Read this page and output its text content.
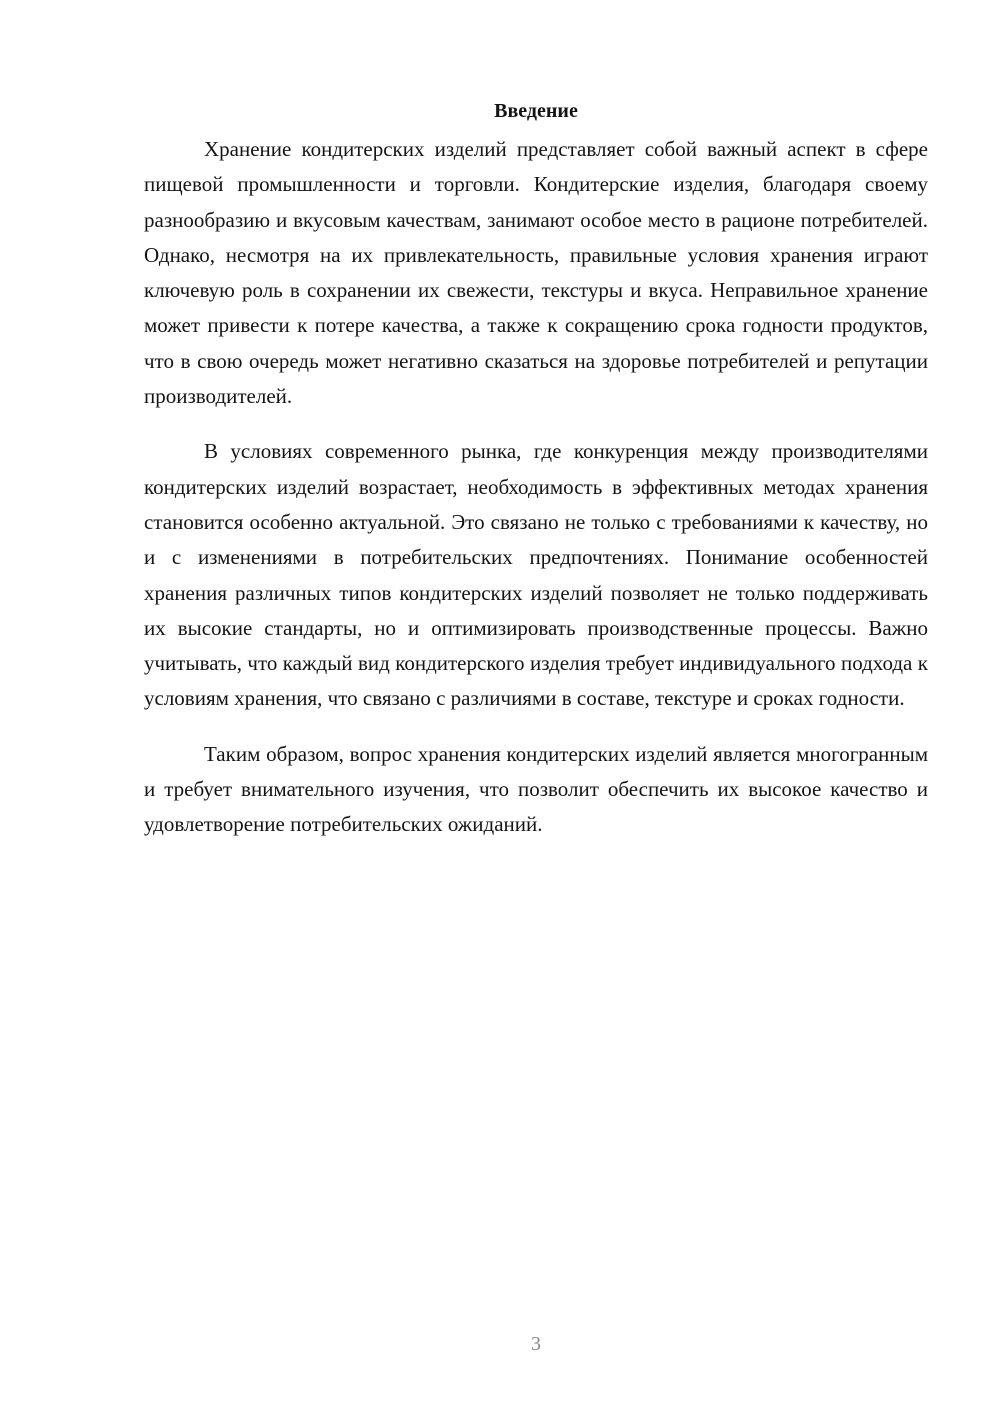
Введение

Хранение кондитерских изделий представляет собой важный аспект в сфере пищевой промышленности и торговли. Кондитерские изделия, благодаря своему разнообразию и вкусовым качествам, занимают особое место в рационе потребителей. Однако, несмотря на их привлекательность, правильные условия хранения играют ключевую роль в сохранении их свежести, текстуры и вкуса. Неправильное хранение может привести к потере качества, а также к сокращению срока годности продуктов, что в свою очередь может негативно сказаться на здоровье потребителей и репутации производителей.

В условиях современного рынка, где конкуренция между производителями кондитерских изделий возрастает, необходимость в эффективных методах хранения становится особенно актуальной. Это связано не только с требованиями к качеству, но и с изменениями в потребительских предпочтениях. Понимание особенностей хранения различных типов кондитерских изделий позволяет не только поддерживать их высокие стандарты, но и оптимизировать производственные процессы. Важно учитывать, что каждый вид кондитерского изделия требует индивидуального подхода к условиям хранения, что связано с различиями в составе, текстуре и сроках годности.

Таким образом, вопрос хранения кондитерских изделий является многогранным и требует внимательного изучения, что позволит обеспечить их высокое качество и удовлетворение потребительских ожиданий.

3
